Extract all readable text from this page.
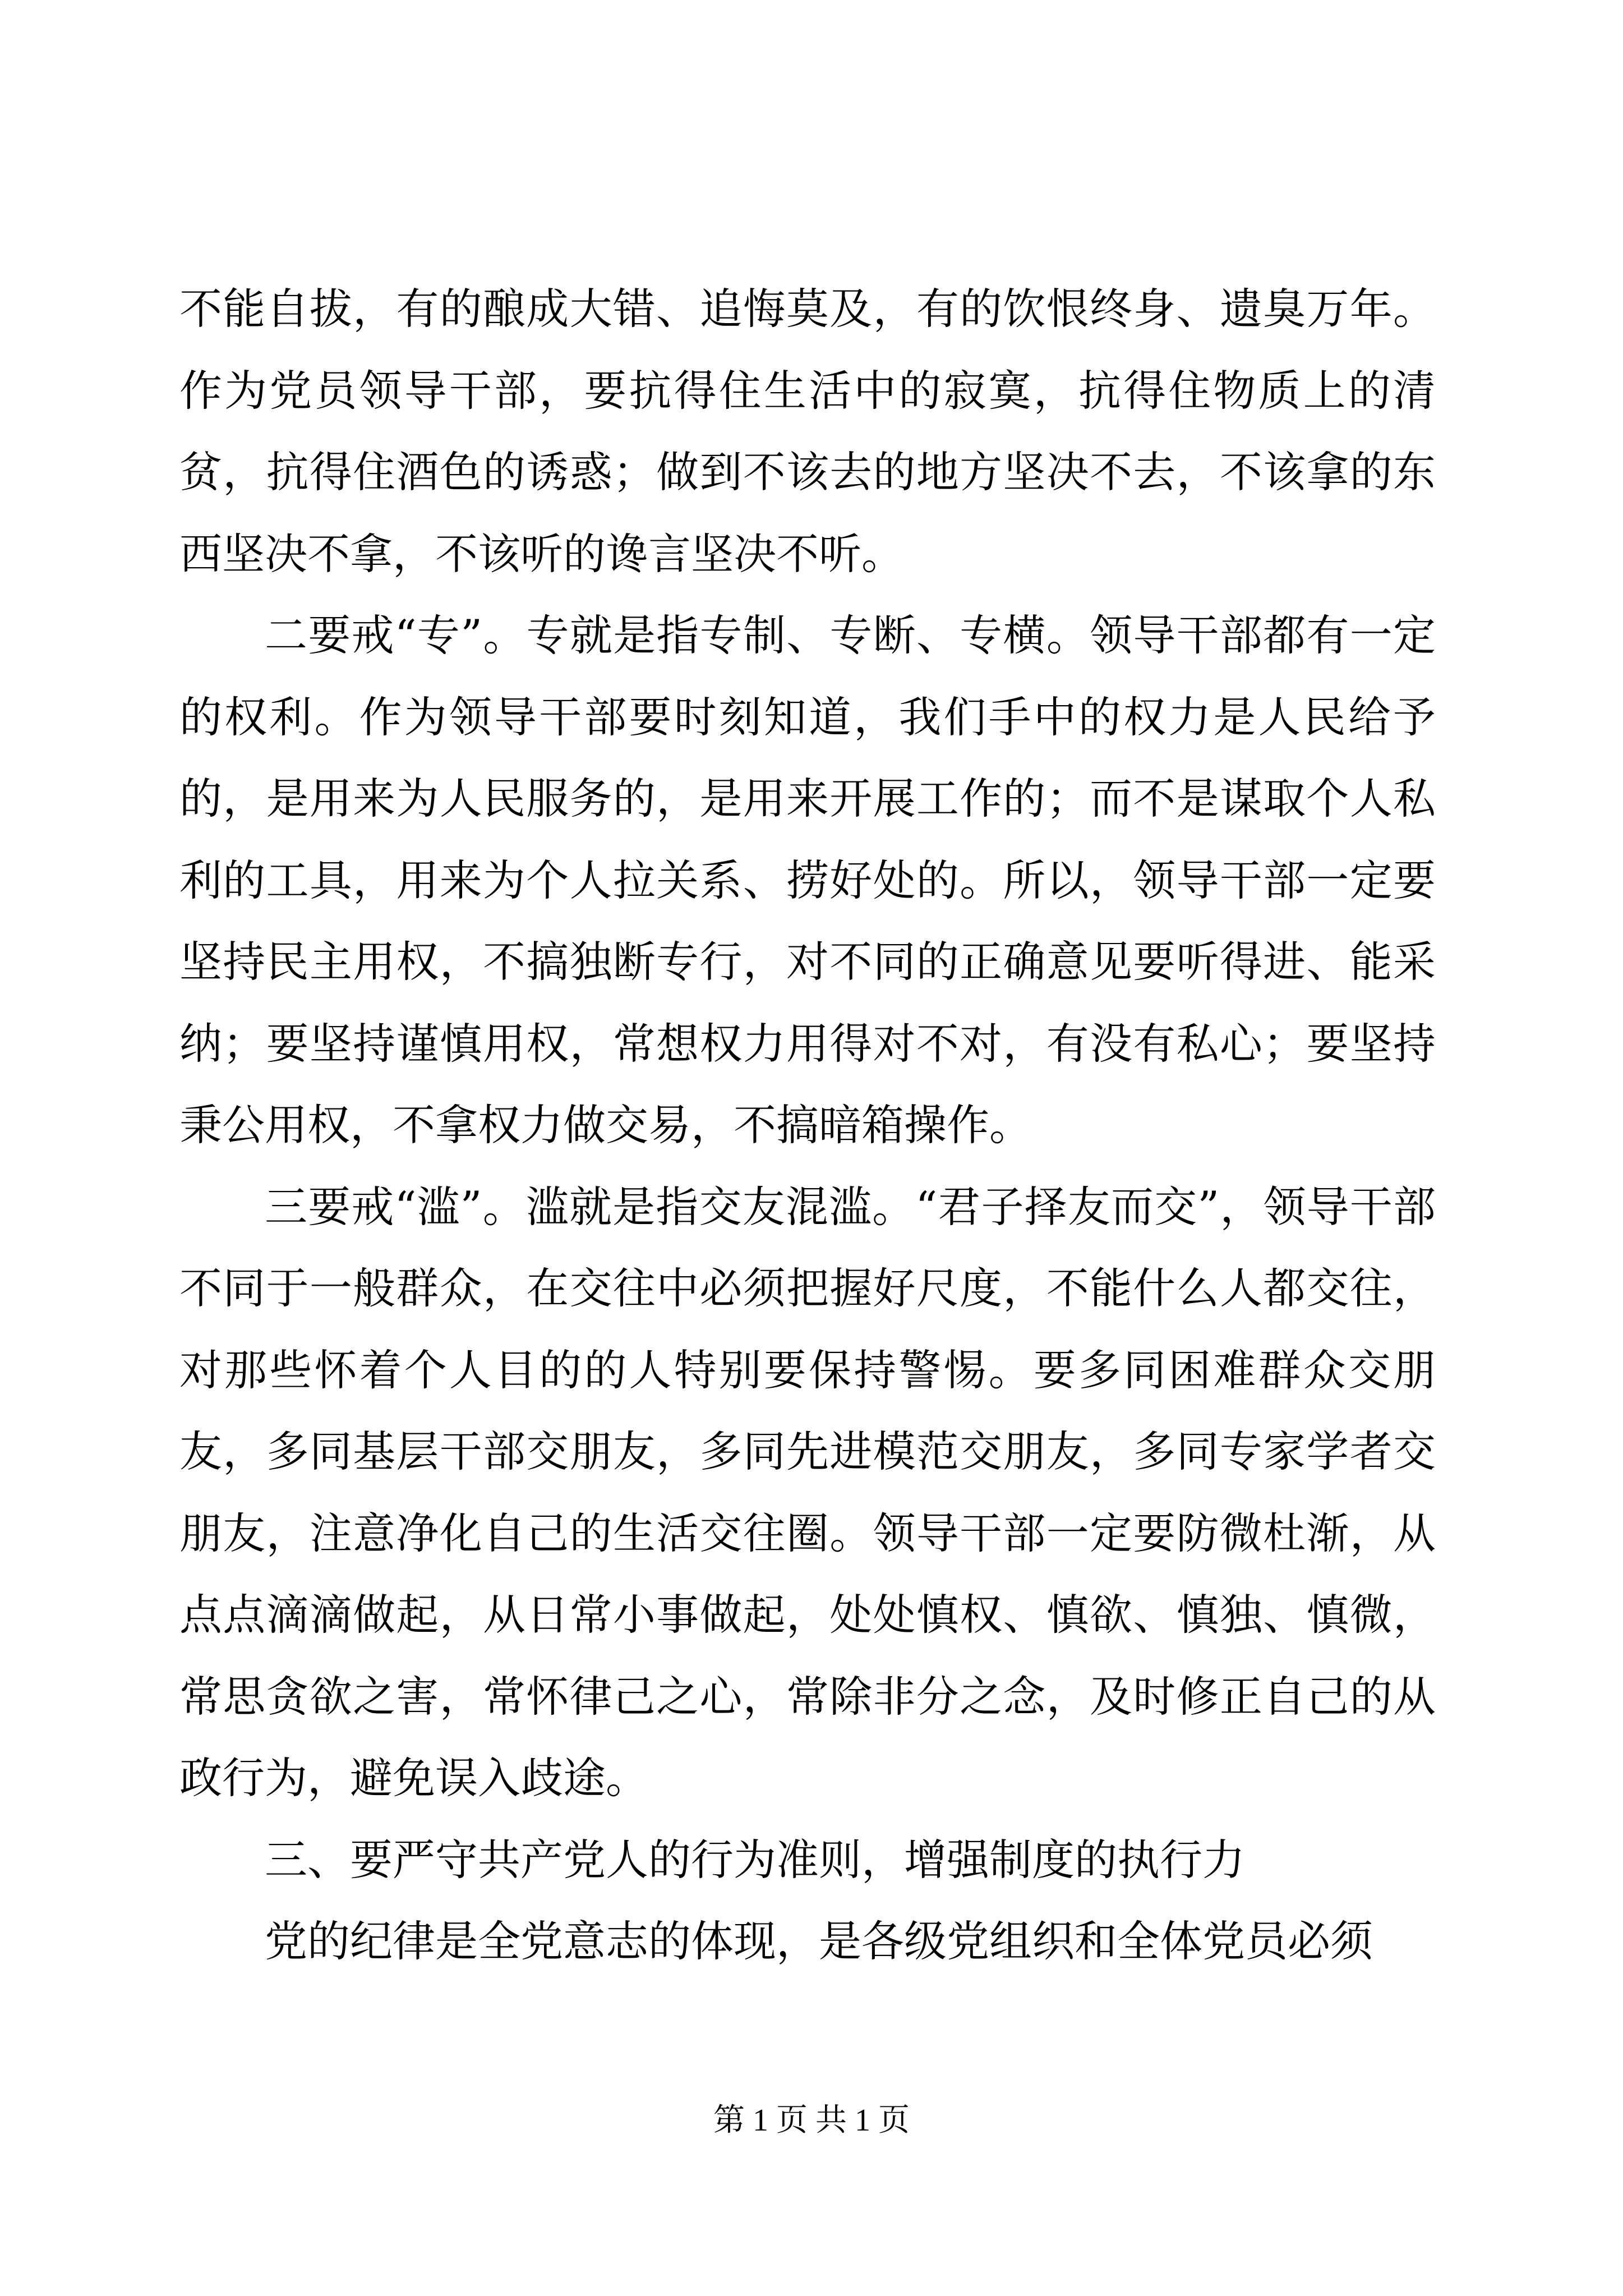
不能自拔，有的酿成大错、追悔莫及，有的饮恨终身、遗臭万年。作为党员领导干部，要抗得住生活中的寂寞，抗得住物质上的清贫，抗得住酒色的诱惑；做到不该去的地方坚决不去，不该拿的东西坚决不拿，不该听的谗言坚决不听。

二要戒“专”。专就是指专制、专断、专横。领导干部都有一定的权利。作为领导干部要时刻知道，我们手中的权力是人民给予的，是用来为人民服务的，是用来开展工作的；而不是谋取个人私利的工具，用来为个人拉关系、捞好处的。所以，领导干部一定要坚持民主用权，不搞独断专行，对不同的正确意见要听得进、能采纳；要坚持谨慎用权，常想权力用得对不对，有没有私心；要坚持秉公用权，不拿权力做交易，不搞暗箱操作。

三要戒“滥”。滥就是指交友混滥。“君子择友而交”，领导干部不同于一般群众，在交往中必须把握好尺度，不能什么人都交往，对那些怀着个人目的的人特别要保持警惕。要多同困难群众交朋友，多同基层干部交朋友，多同先进模范交朋友，多同专家学者交朋友，注意净化自己的生活交往圈。领导干部一定要防微杜渐，从点点滴滴做起，从日常小事做起，处处慎权、慎欲、慎独、慎微，常思贪欲之害，常怀律己之心，常除非分之念，及时修正自己的从政行为，避免误入歧途。

三、要严守共产党人的行为准则，增强制度的执行力

党的纪律是全党意志的体现，是各级党组织和全体党员必须

第 1 页 共 1 页
